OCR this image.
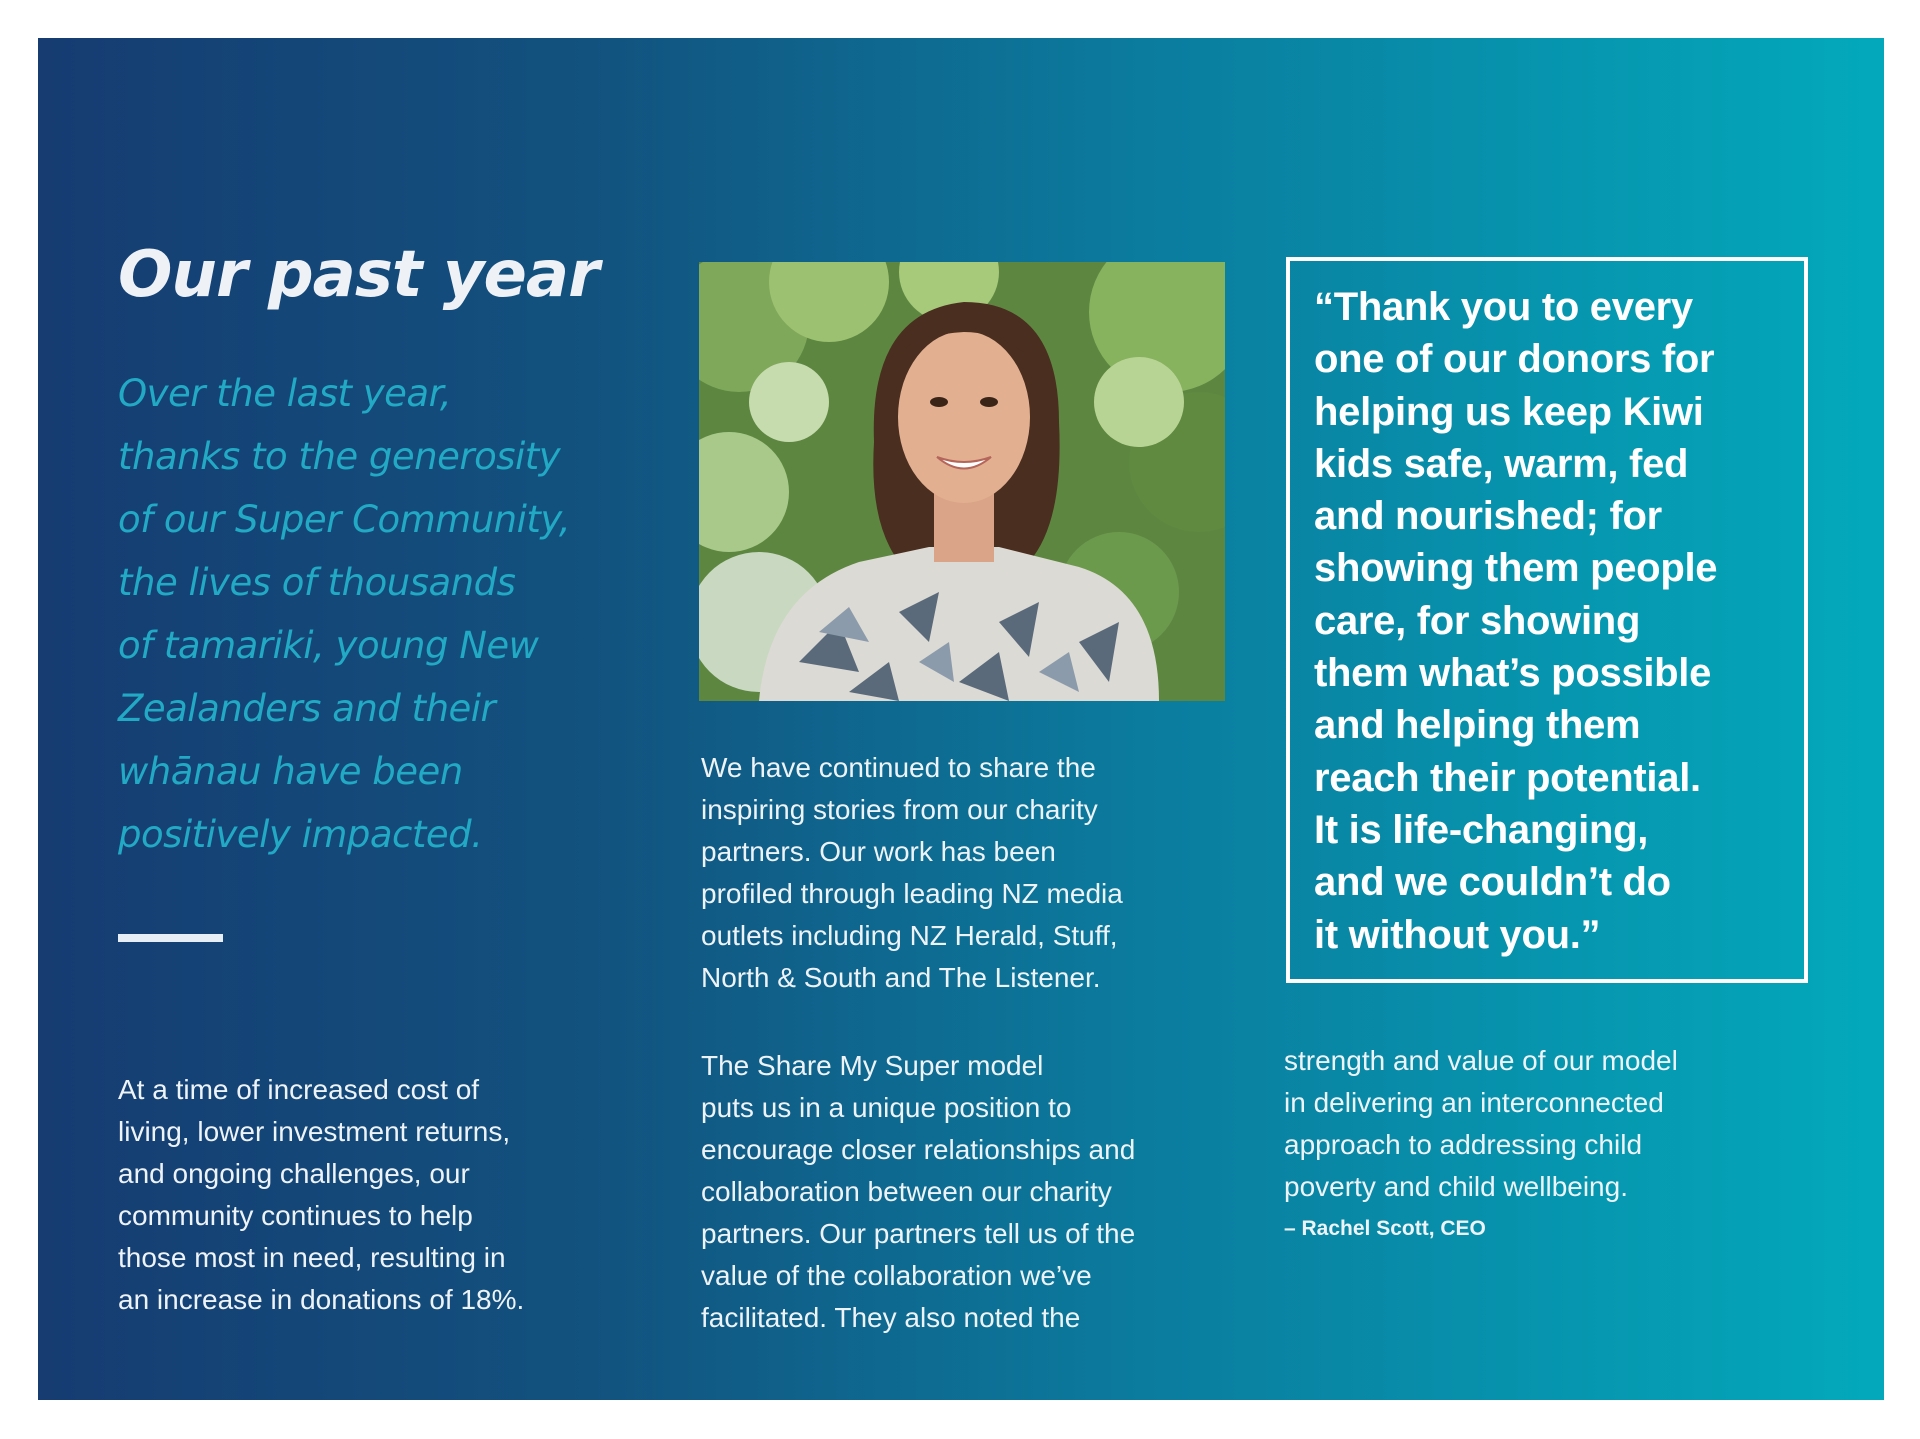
Our past year

Over the last year,
thanks to the generosity
of our Super Community,
the lives of thousands
of tamariki, young New
Zealanders and their
whānau have been
positively impacted.

At a time of increased cost of
living, lower investment returns,
and ongoing challenges, our
community continues to help
those most in need, resulting in
an increase in donations of 18%.

We have continued to share the
inspiring stories from our charity
partners. Our work has been
profiled through leading NZ media
outlets including NZ Herald, Stuff,
North & South and The Listener.

The Share My Super model
puts us in a unique position to
encourage closer relationships and
collaboration between our charity
partners. Our partners tell us of the
value of the collaboration we’ve
facilitated. They also noted the

“Thank you to every
one of our donors for
helping us keep Kiwi
kids safe, warm, fed
and nourished; for
showing them people
care, for showing
them what’s possible
and helping them
reach their potential.
It is life-changing,
and we couldn’t do
it without you.”

strength and value of our model
in delivering an interconnected
approach to addressing child
poverty and child wellbeing.

– Rachel Scott, CEO
